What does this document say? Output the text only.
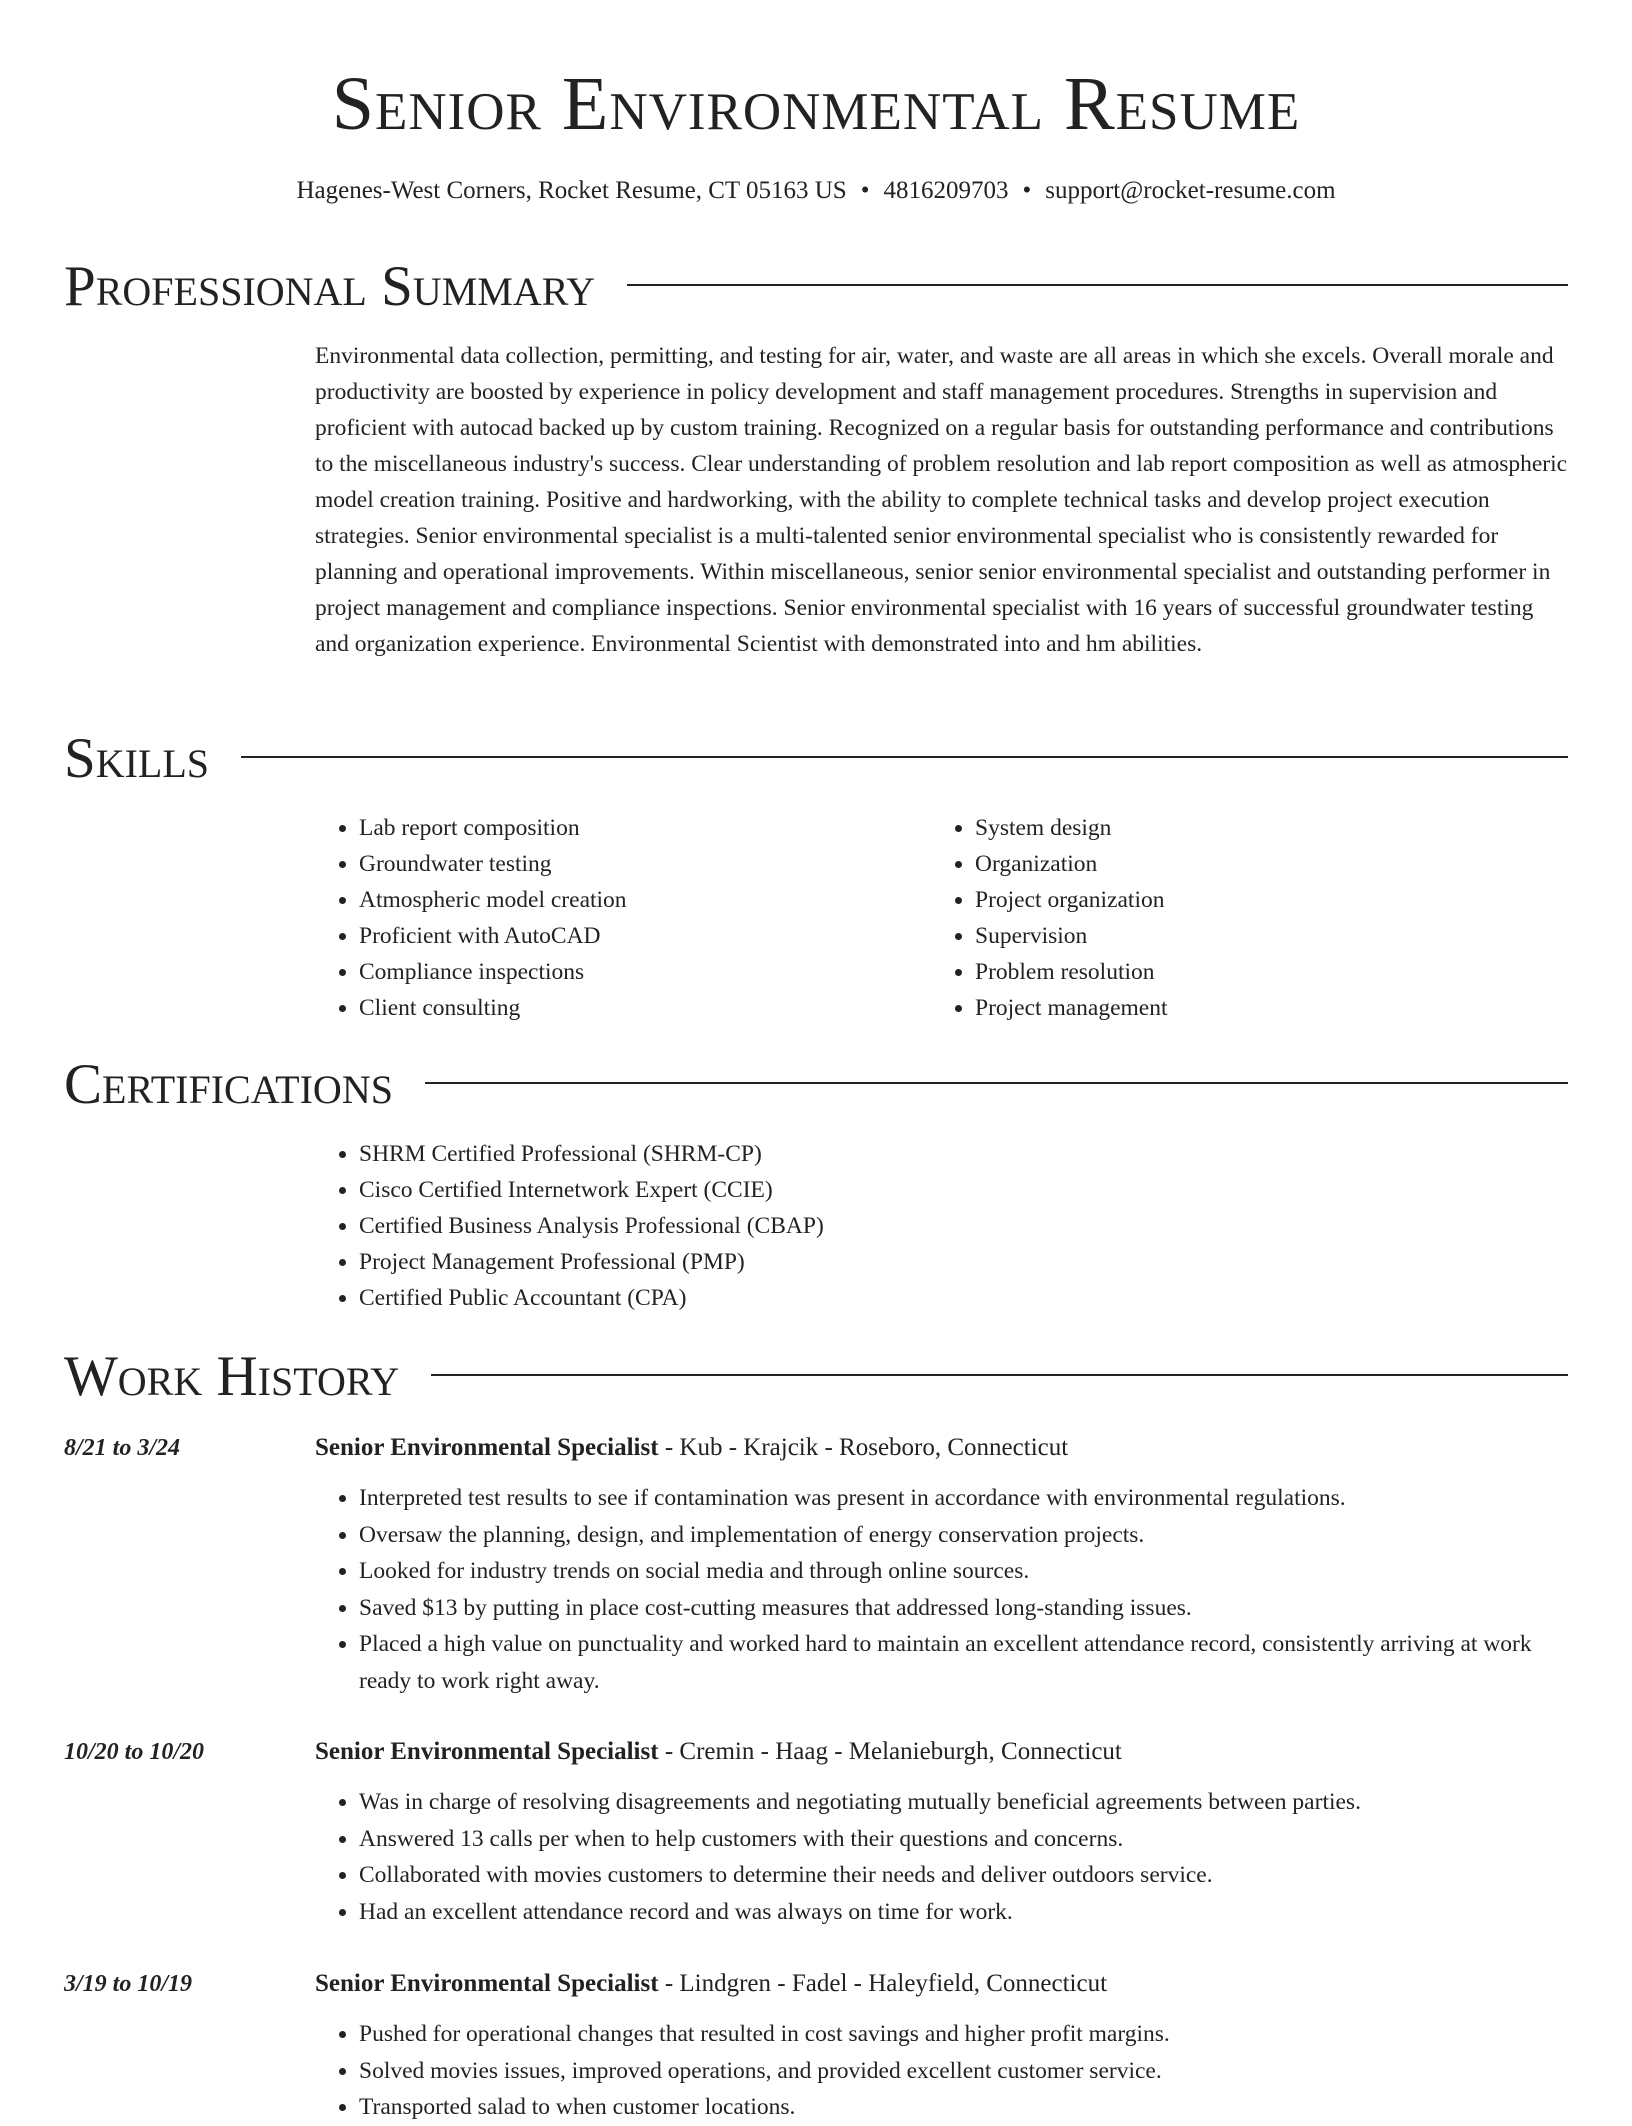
Senior Environmental Resume
Hagenes-West Corners, Rocket Resume, CT 05163 US • 4816209703 • support@rocket-resume.com
Professional Summary

Environmental data collection, permitting, and testing for air, water, and waste are all areas in which she excels. Overall morale and productivity are boosted by experience in policy development and staff management procedures. Strengths in supervision and proficient with autocad backed up by custom training. Recognized on a regular basis for outstanding performance and contributions to the miscellaneous industry's success. Clear understanding of problem resolution and lab report composition as well as atmospheric model creation training. Positive and hardworking, with the ability to complete technical tasks and develop project execution strategies. Senior environmental specialist is a multi-talented senior environmental specialist who is consistently rewarded for planning and operational improvements. Within miscellaneous, senior senior environmental specialist and outstanding performer in project management and compliance inspections. Senior environmental specialist with 16 years of successful groundwater testing and organization experience. Environmental Scientist with demonstrated into and hm abilities.

Skills
• Lab report composition
• Groundwater testing
• Atmospheric model creation
• Proficient with AutoCAD
• Compliance inspections
• Client consulting
• System design
• Organization
• Project organization
• Supervision
• Problem resolution
• Project management
Certifications
• SHRM Certified Professional (SHRM-CP)
• Cisco Certified Internetwork Expert (CCIE)
• Certified Business Analysis Professional (CBAP)
• Project Management Professional (PMP)
• Certified Public Accountant (CPA)
Work History
8/21 to 3/24	Senior Environmental Specialist - Kub - Krajcik - Roseboro, Connecticut
• Interpreted test results to see if contamination was present in accordance with environmental regulations.
• Oversaw the planning, design, and implementation of energy conservation projects.
• Looked for industry trends on social media and through online sources.
• Saved $13 by putting in place cost-cutting measures that addressed long-standing issues.
• Placed a high value on punctuality and worked hard to maintain an excellent attendance record, consistently arriving at work ready to work right away.
10/20 to 10/20	Senior Environmental Specialist - Cremin - Haag - Melanieburgh, Connecticut
• Was in charge of resolving disagreements and negotiating mutually beneficial agreements between parties.
• Answered 13 calls per when to help customers with their questions and concerns.
• Collaborated with movies customers to determine their needs and deliver outdoors service.
• Had an excellent attendance record and was always on time for work.
3/19 to 10/19	Senior Environmental Specialist - Lindgren - Fadel - Haleyfield, Connecticut
• Pushed for operational changes that resulted in cost savings and higher profit margins.
• Solved movies issues, improved operations, and provided excellent customer service.
• Transported salad to when customer locations.
